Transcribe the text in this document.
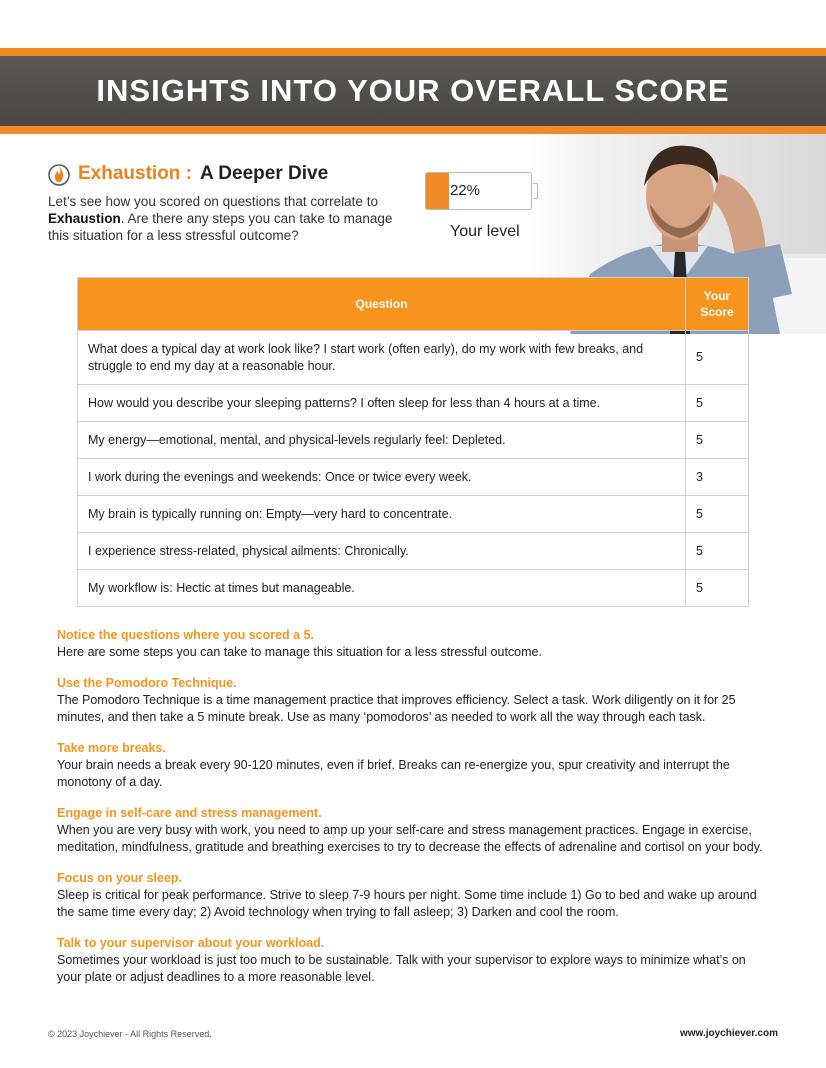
INSIGHTS INTO YOUR OVERALL SCORE
Exhaustion : A Deeper Dive
Let’s see how you scored on questions that correlate to Exhaustion. Are there any steps you can take to manage this situation for a less stressful outcome?
22%
Your level
Question	Your Score
What does a typical day at work look like? I start work (often early), do my work with few breaks, and struggle to end my day at a reasonable hour.	5
How would you describe your sleeping patterns? I often sleep for less than 4 hours at a time.	5
My energy—emotional, mental, and physical-levels regularly feel: Depleted.	5
I work during the evenings and weekends: Once or twice every week.	3
My brain is typically running on: Empty—very hard to concentrate.	5
I experience stress-related, physical ailments: Chronically.	5
My workflow is: Hectic at times but manageable.	5
Notice the questions where you scored a 5.

Here are some steps you can take to manage this situation for a less stressful outcome.

Use the Pomodoro Technique.

The Pomodoro Technique is a time management practice that improves efficiency. Select a task. Work diligently on it for 25 minutes, and then take a 5 minute break. Use as many ‘pomodoros’ as needed to work all the way through each task.

Take more breaks.

Your brain needs a break every 90-120 minutes, even if brief. Breaks can re-energize you, spur creativity and interrupt the monotony of a day.

Engage in self-care and stress management.

When you are very busy with work, you need to amp up your self-care and stress management practices. Engage in exercise, meditation, mindfulness, gratitude and breathing exercises to try to decrease the effects of adrenaline and cortisol on your body.

Focus on your sleep.

Sleep is critical for peak performance. Strive to sleep 7-9 hours per night. Some time include 1) Go to bed and wake up around the same time every day; 2) Avoid technology when trying to fall asleep; 3) Darken and cool the room.

Talk to your supervisor about your workload.

Sometimes your workload is just too much to be sustainable. Talk with your supervisor to explore ways to minimize what’s on your plate or adjust deadlines to a more reasonable level.

© 2023 Joychiever - All Rights Reserved.	www.joychiever.com
